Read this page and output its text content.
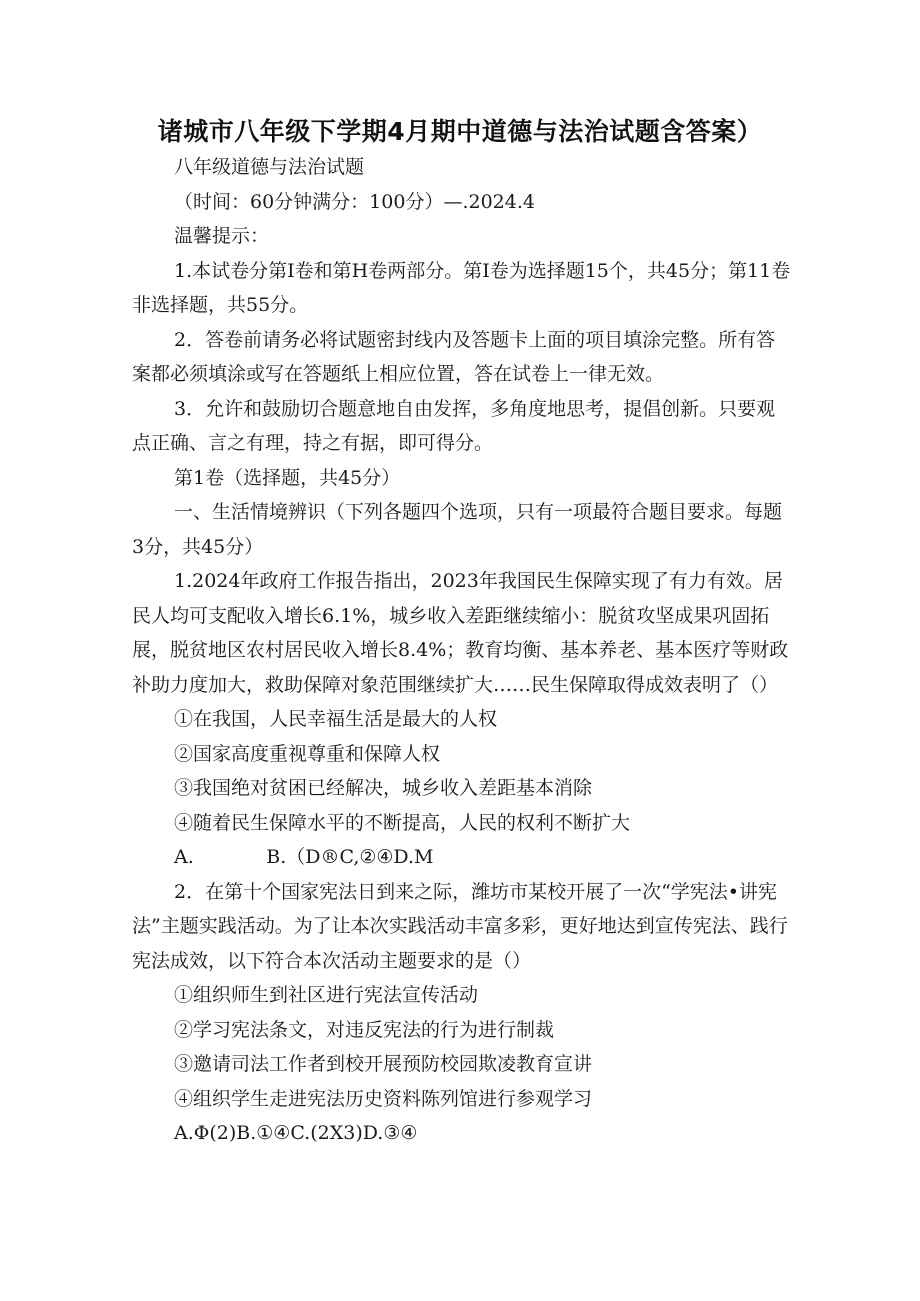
诸城市八年级下学期4月期中道德与法治试题含答案）

八年级道德与法治试题

（时间：60分钟满分：100分）—.2024.4

温馨提示：

1.本试卷分第I卷和第H卷两部分。第I卷为选择题15个，共45分；第11卷非选择题，共55分。

2．答卷前请务必将试题密封线内及答题卡上面的项目填涂完整。所有答案都必须填涂或写在答题纸上相应位置，答在试卷上一律无效。

3．允许和鼓励切合题意地自由发挥，多角度地思考，提倡创新。只要观点正确、言之有理，持之有据，即可得分。

第1卷（选择题，共45分）

一、生活情境辨识（下列各题四个选项，只有一项最符合题目要求。每题3分，共45分）

1.2024年政府工作报告指出，2023年我国民生保障实现了有力有效。居民人均可支配收入增长6.1%，城乡收入差距继续缩小：脱贫攻坚成果巩固拓展，脱贫地区农村居民收入增长8.4%；教育均衡、基本养老、基本医疗等财政补助力度加大，救助保障对象范围继续扩大……民生保障取得成效表明了（）

①在我国，人民幸福生活是最大的人权

②国家高度重视尊重和保障人权

③我国绝对贫困已经解决，城乡收入差距基本消除

④随着民生保障水平的不断提高，人民的权利不断扩大

A.            B.（D®C,②④D.M

2．在第十个国家宪法日到来之际，潍坊市某校开展了一次“学宪法•讲宪法”主题实践活动。为了让本次实践活动丰富多彩，更好地达到宣传宪法、践行宪法成效，以下符合本次活动主题要求的是（）

①组织师生到社区进行宪法宣传活动

②学习宪法条文，对违反宪法的行为进行制裁

③邀请司法工作者到校开展预防校园欺凌教育宣讲

④组织学生走进宪法历史资料陈列馆进行参观学习

A.Φ(2)B.①④C.(2X3)D.③④
